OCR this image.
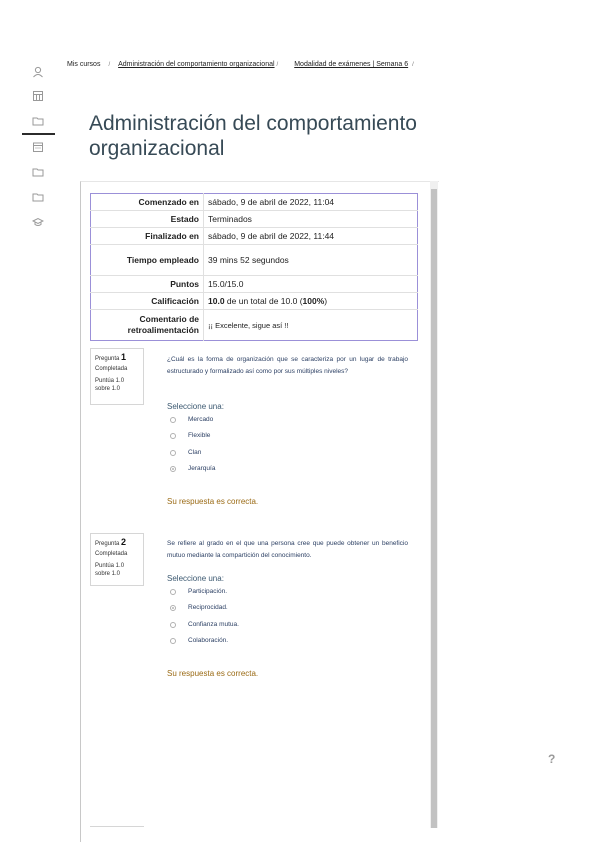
Mis cursos / Administración del comportamiento organizacional / Modalidad de exámenes | Semana 6 /
Administración del comportamiento organizacional
Comenzado en	sábado, 9 de abril de 2022, 11:04
Estado	Terminados
Finalizado en	sábado, 9 de abril de 2022, 11:44
Tiempo empleado	39 mins 52 segundos
Puntos	15.0/15.0
Calificación	10.0 de un total de 10.0 (100%)
Comentario de retroalimentación	¡¡ Excelente, sigue así !!
Pregunta 1
Completada
Puntúa 1.0 sobre 1.0
¿Cuál es la forma de organización que se caracteriza por un lugar de trabajo estructurado y formalizado así como por sus múltiples niveles?
Seleccione una:
Mercado
Flexible
Clan
Jerarquía
Su respuesta es correcta.
Pregunta 2
Completada
Puntúa 1.0 sobre 1.0
Se refiere al grado en el que una persona cree que puede obtener un beneficio mutuo mediante la compartición del conocimiento.
Seleccione una:
Participación.
Reciprocidad.
Confianza mutua.
Colaboración.
Su respuesta es correcta.
?
